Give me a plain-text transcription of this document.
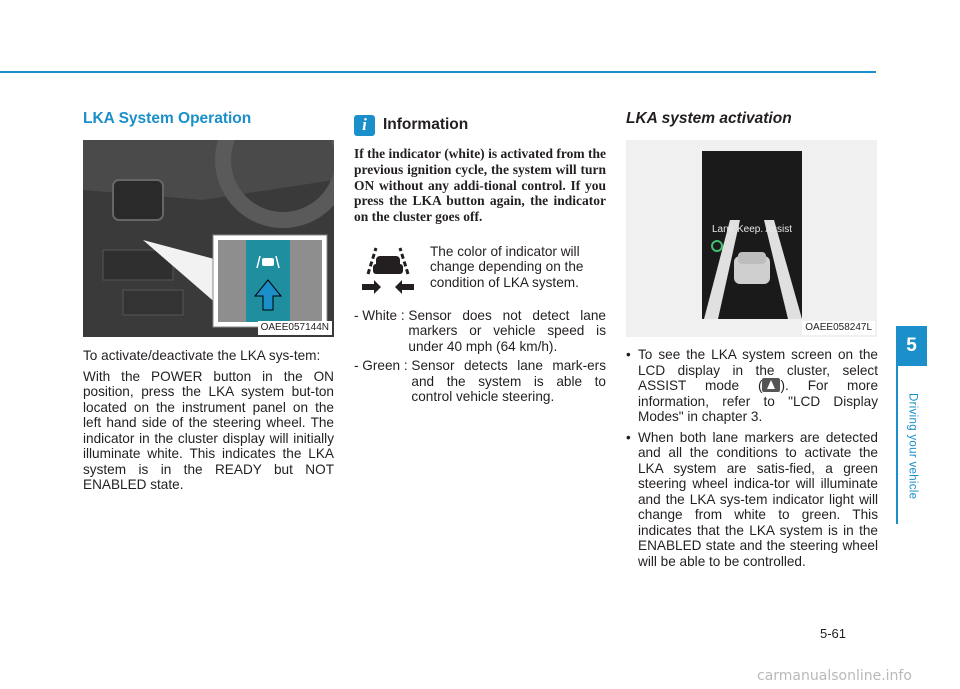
LKA System Operation
OAEE057144N

To activate/deactivate the LKA sys-tem:

With the POWER button in the ON position, press the LKA system but-ton located on the instrument panel on the left hand side of the steering wheel. The indicator in the cluster display will initially illuminate white. This indicates the LKA system is in the READY but NOT ENABLED state.

i	Information
If the indicator (white) is activated from the previous ignition cycle, the system will turn ON without any addi-tional control. If you press the LKA button again, the indicator on the cluster goes off.
The color of indicator will change depending on the condition of LKA system.
- White : Sensor does not detect lane markers or vehicle speed is under 40 mph (64 km/h).
- Green : Sensor detects lane mark-ers and the system is able to control vehicle steering.
LKA system activation
Lane Keep. Assist
OAEE058247L
• To see the LKA system screen on the LCD display in the cluster, select ASSIST mode ( ). For more information, refer to "LCD Display Modes" in chapter 3.
• When both lane markers are detected and all the conditions to activate the LKA system are satis-fied, a green steering wheel indica-tor will illuminate and the LKA sys-tem indicator light will change from white to green. This indicates that the LKA system is in the ENABLED state and the steering wheel will be able to be controlled.
5
Driving your vehicle
5-61
carmanualsonline.info
